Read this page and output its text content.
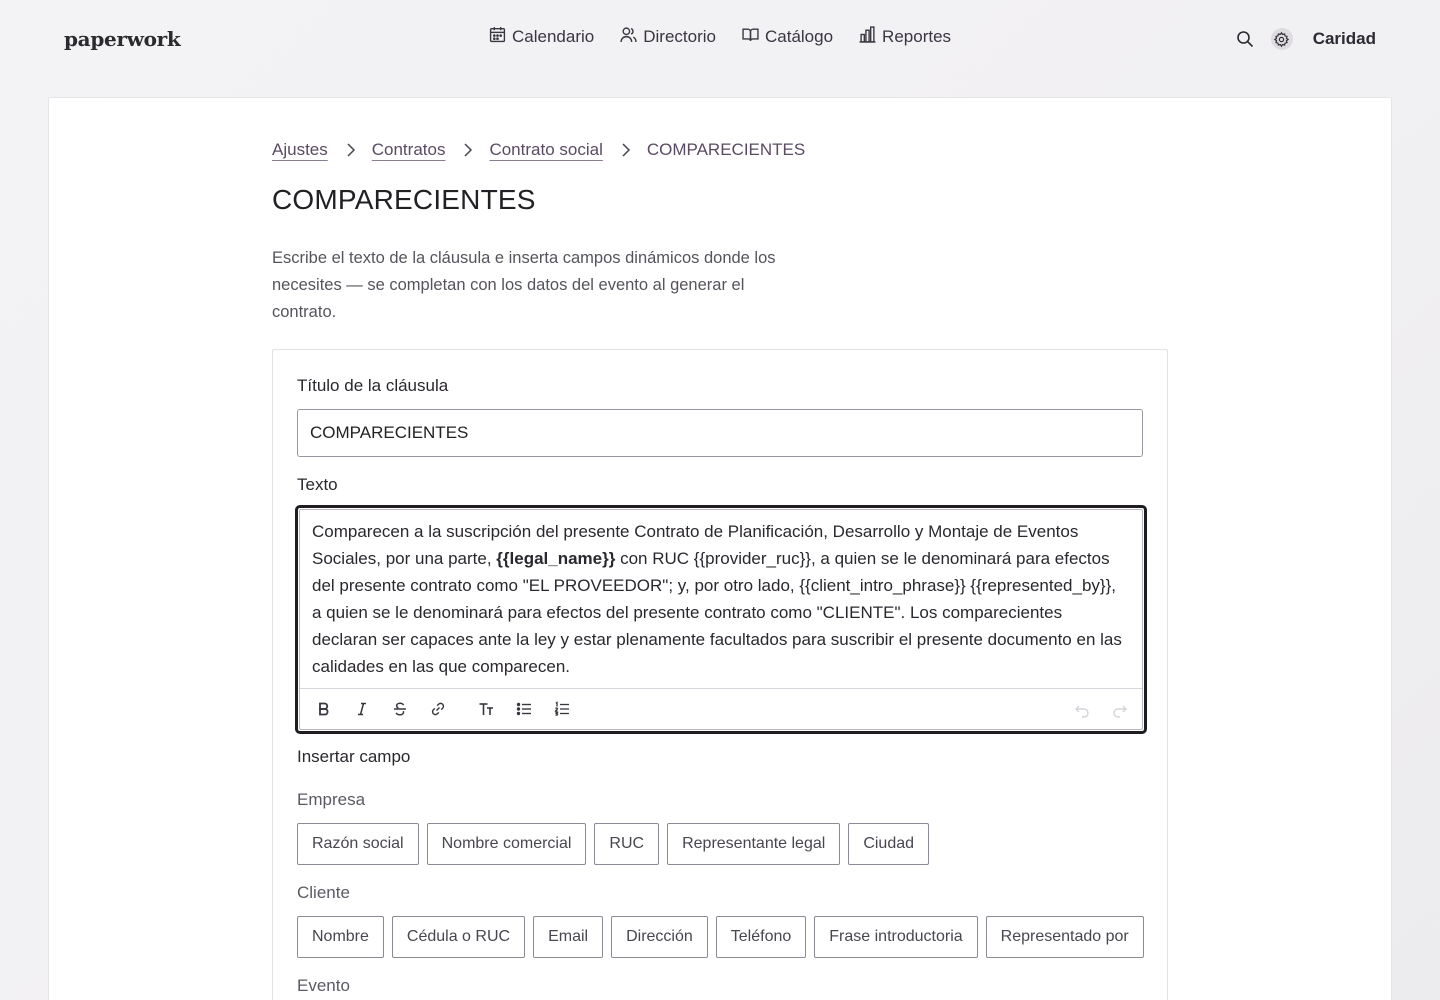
paperwork	Calendario	Directorio	Catálogo	Reportes	Caridad
Ajustes	Contratos	Contrato social	COMPARECIENTES
COMPARECIENTES

Escribe el texto de la cláusula e inserta campos dinámicos donde los necesites — se completan con los datos del evento al generar el contrato.

Título de la cláusula
COMPARECIENTES
Texto
Comparecen a la suscripción del presente Contrato de Planificación, Desarrollo y Montaje de Eventos Sociales, por una parte, {{legal_name}} con RUC {{provider_ruc}}, a quien se le denominará para efectos del presente contrato como "EL PROVEEDOR"; y, por otro lado, {{client_intro_phrase}} {{represented_by}}, a quien se le denominará para efectos del presente contrato como "CLIENTE". Los comparecientes declaran ser capaces ante la ley y estar plenamente facultados para suscribir el presente documento en las calidades en las que comparecen.
Insertar campo
Empresa
Razón social	Nombre comercial	RUC	Representante legal	Ciudad
Cliente
Nombre	Cédula o RUC	Email	Dirección	Teléfono	Frase introductoria	Representado por
Evento
